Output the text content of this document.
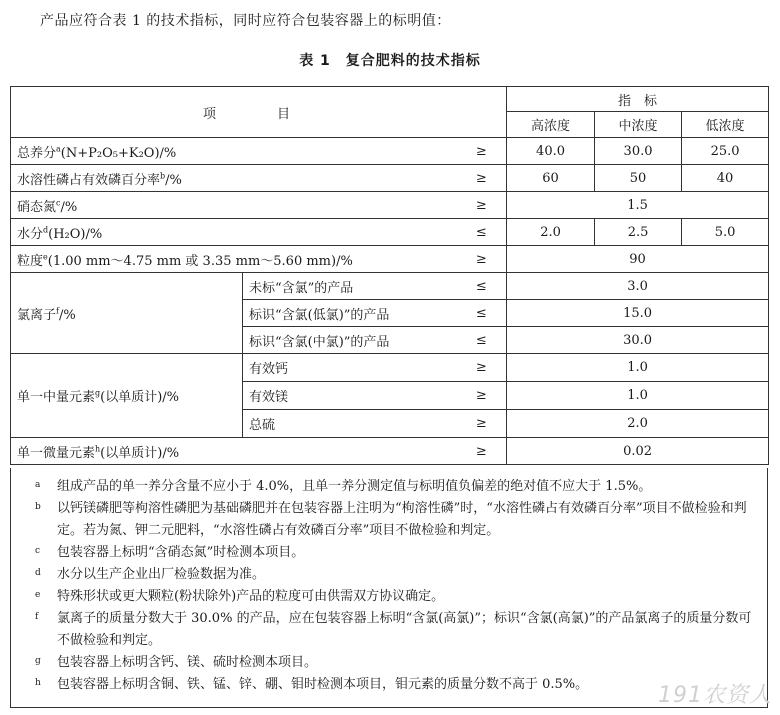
产品应符合表 1 的技术指标，同时应符合包装容器上的标明值：
表 1　复合肥料的技术指标
项　目			指　标		
			高浓度	中浓度	低浓度
总养分$^a$(N+P₂O₅+K₂O)/%		≥	40.0	30.0	25.0
水溶性磷占有效磷百分率$^b$/%		≥	60	50	40
硝态氮$^c$/%		≥	1.5		
水分$^d$(H₂O)/%		≤	2.0	2.5	5.0
粒度$^e$(1.00 mm～4.75 mm 或 3.35 mm～5.60 mm)/%		≥	90		
氯离子$^f$/%	未标“含氯”的产品	≤	3.0		
	标识“含氯(低氯)”的产品	≤	15.0		
	标识“含氯(中氯)”的产品	≤	30.0		
单一中量元素$^g$(以单质计)/%	有效钙	≥	1.0		
	有效镁	≥	1.0		
	总硫	≥	2.0		
单一微量元素$^h$(以单质计)/%		≥	0.02		
a 组成产品的单一养分含量不应小于 4.0%，且单一养分测定值与标明值负偏差的绝对值不应大于 1.5%。
b 以钙镁磷肥等枸溶性磷肥为基础磷肥并在包装容器上注明为“枸溶性磷”时，“水溶性磷占有效磷百分率”项目不做检验和判定。若为氮、钾二元肥料，“水溶性磷占有效磷百分率”项目不做检验和判定。
c 包装容器上标明“含硝态氮”时检测本项目。
d 水分以生产企业出厂检验数据为准。
e 特殊形状或更大颗粒(粉状除外)产品的粒度可由供需双方协议确定。
f 氯离子的质量分数大于 30.0% 的产品，应在包装容器上标明“含氯(高氯)”；标识“含氯(高氯)”的产品氯离子的质量分数可不做检验和判定。
g 包装容器上标明含钙、镁、硫时检测本项目。
h 包装容器上标明含铜、铁、锰、锌、硼、钼时检测本项目，钼元素的质量分数不高于 0.5%。	191农资人
